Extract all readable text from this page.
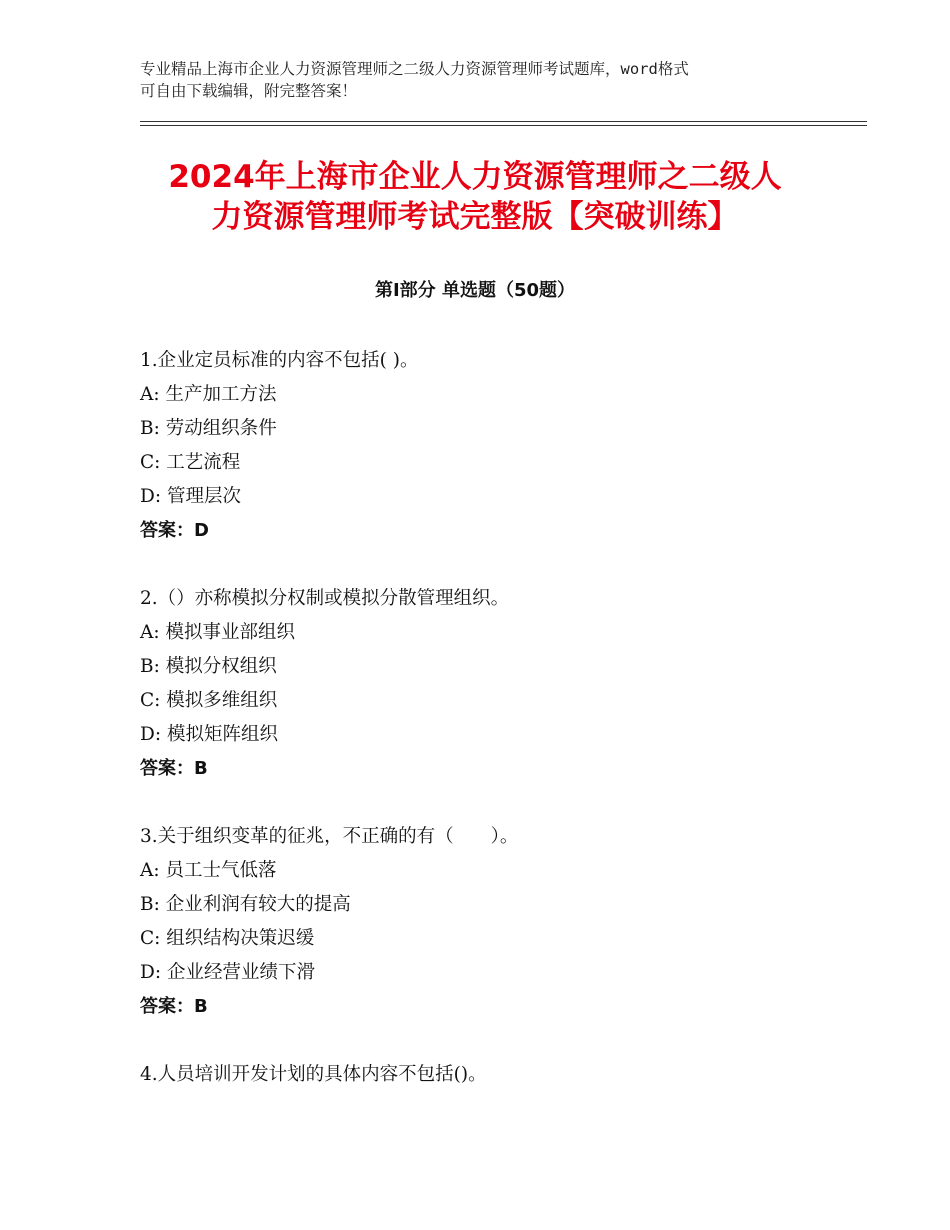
专业精品上海市企业人力资源管理师之二级人力资源管理师考试题库，word格式
可自由下载编辑，附完整答案！
2024年上海市企业人力资源管理师之二级人
力资源管理师考试完整版【突破训练】
第Ⅰ部分 单选题（50题）
1.企业定员标准的内容不包括( )。
A: 生产加工方法
B: 劳动组织条件
C: 工艺流程
D: 管理层次
答案：D
2.（）亦称模拟分权制或模拟分散管理组织。
A: 模拟事业部组织
B: 模拟分权组织
C: 模拟多维组织
D: 模拟矩阵组织
答案：B
3.关于组织变革的征兆，不正确的有（　　）。
A: 员工士气低落
B: 企业利润有较大的提高
C: 组织结构决策迟缓
D: 企业经营业绩下滑
答案：B
4.人员培训开发计划的具体内容不包括()。
